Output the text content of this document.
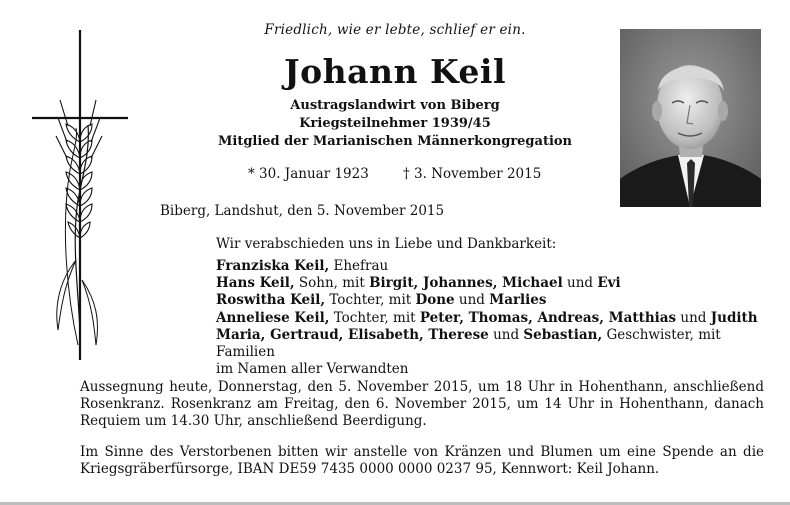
Friedlich, wie er lebte, schlief er ein.
Johann Keil
Austragslandwirt von Biberg
Kriegsteilnehmer 1939/45
Mitglied der Marianischen Männerkongregation
* 30. Januar 1923	† 3. November 2015
Biberg, Landshut, den 5. November 2015
Wir verabschieden uns in Liebe und Dankbarkeit:
Franziska Keil, Ehefrau
Hans Keil, Sohn, mit Birgit, Johannes, Michael und Evi
Roswitha Keil, Tochter, mit Done und Marlies
Anneliese Keil, Tochter, mit Peter, Thomas, Andreas, Matthias und Judith
Maria, Gertraud, Elisabeth, Therese und Sebastian, Geschwister, mit Familien
im Namen aller Verwandten
Aussegnung heute, Donnerstag, den 5. November 2015, um 18 Uhr in Hohenthann, anschließend Rosenkranz. Rosenkranz am Freitag, den 6. November 2015, um 14 Uhr in Hohenthann, danach Requiem um 14.30 Uhr, anschließend Beerdigung.
Im Sinne des Verstorbenen bitten wir anstelle von Kränzen und Blumen um eine Spende an die Kriegsgräberfürsorge, IBAN DE59 7435 0000 0000 0237 95, Kennwort: Keil Johann.
